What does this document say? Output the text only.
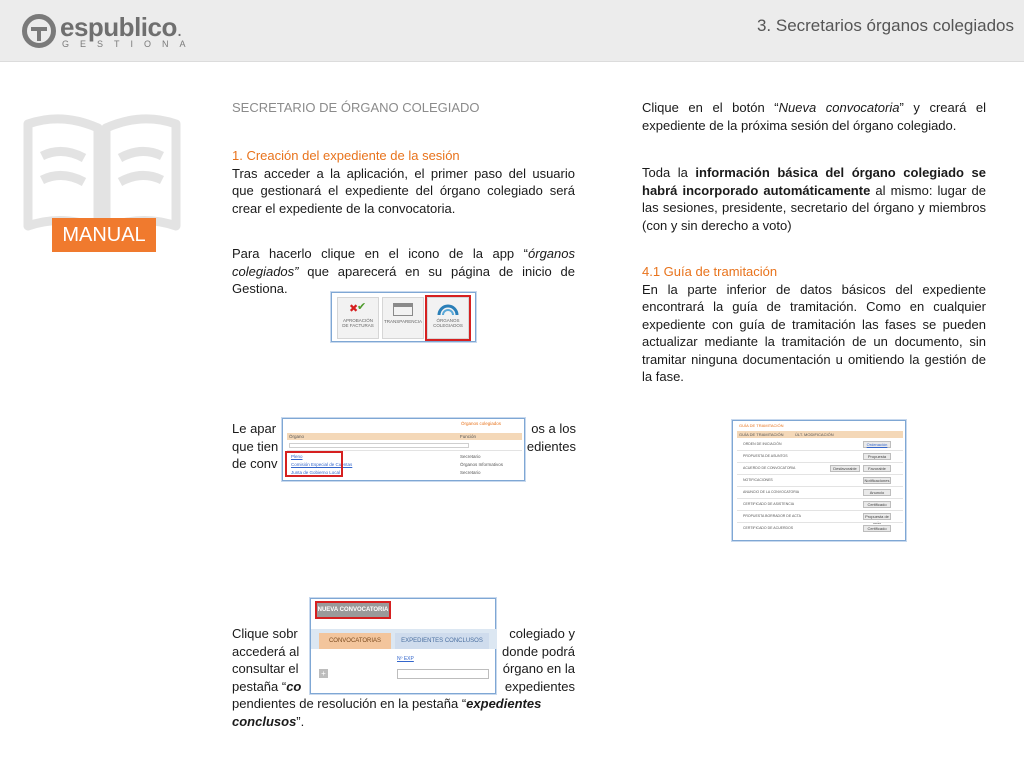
espublico.
GESTIONA
3. Secretarios órganos colegiados
MANUAL

SECRETARIO DE ÓRGANO COLEGIADO

1. Creación del expediente de la sesión

Tras acceder a la aplicación, el primer paso del usuario que gestionará el expediente del órgano colegiado será crear el expediente de la convocatoria.

Para hacerlo clique en el icono de la app “órganos colegiados” que aparecerá en su página de inicio de Gestiona.

Le apar

que tien

de conv

os a los

edientes

Clique sobr

accederá al

consultar el

pestaña “co

colegiado y

donde podrá

órgano en la

expedientes

pendientes de resolución en la pestaña “expedientes

conclusos”.

✖
✔
APROBACIÓN DE FACTURAS
TRANSPARENCIA	ÓRGANOS COLEGIADOS
Órganos colegiados
Órgano	Función
Pleno	Secretario
Comisión Especial de Cuentas	Órganos Informativos
Junta de Gobierno Local	Secretario
NUEVA CONVOCATORIA
CONVOCATORIAS	EXPEDIENTES CONCLUSOS
Nº EXP
+

Clique en el botón “Nueva convocatoria” y creará el expediente de la próxima sesión del órgano colegiado.

Toda la información básica del órgano colegiado se habrá incorporado automáticamente al mismo: lugar de las sesiones, presidente, secretario del órgano y miembros (con y sin derecho a voto)

4.1 Guía de tramitación

En la parte inferior de datos básicos del expediente encontrará la guía de tramitación. Como en cualquier expediente con guía de tramitación las fases se pueden actualizar mediante la tramitación de un documento, sin tramitar ninguna documentación u omitiendo la gestión de la fase.

GUÍA DE TRAMITACIÓN
GUÍA DE TRAMITACIÓN	ÚLT. MODIFICACIÓN
ORDEN DE INICIACIÓN	Ordenación
PROPUESTA DE ASUNTOS	Propuesta
ACUERDO DE CONVOCATORIA	Desfavorable	Favorable
NOTIFICACIONES	Notificaciones
ANUNCIO DE LA CONVOCATORIA	Anuncio
CERTIFICADO DE ASISTENCIA	Certificado
PROPUESTA BORRADOR DE ACTA	Propuesta de
CERTIFICADO DE ACUERDOS	Certificado
